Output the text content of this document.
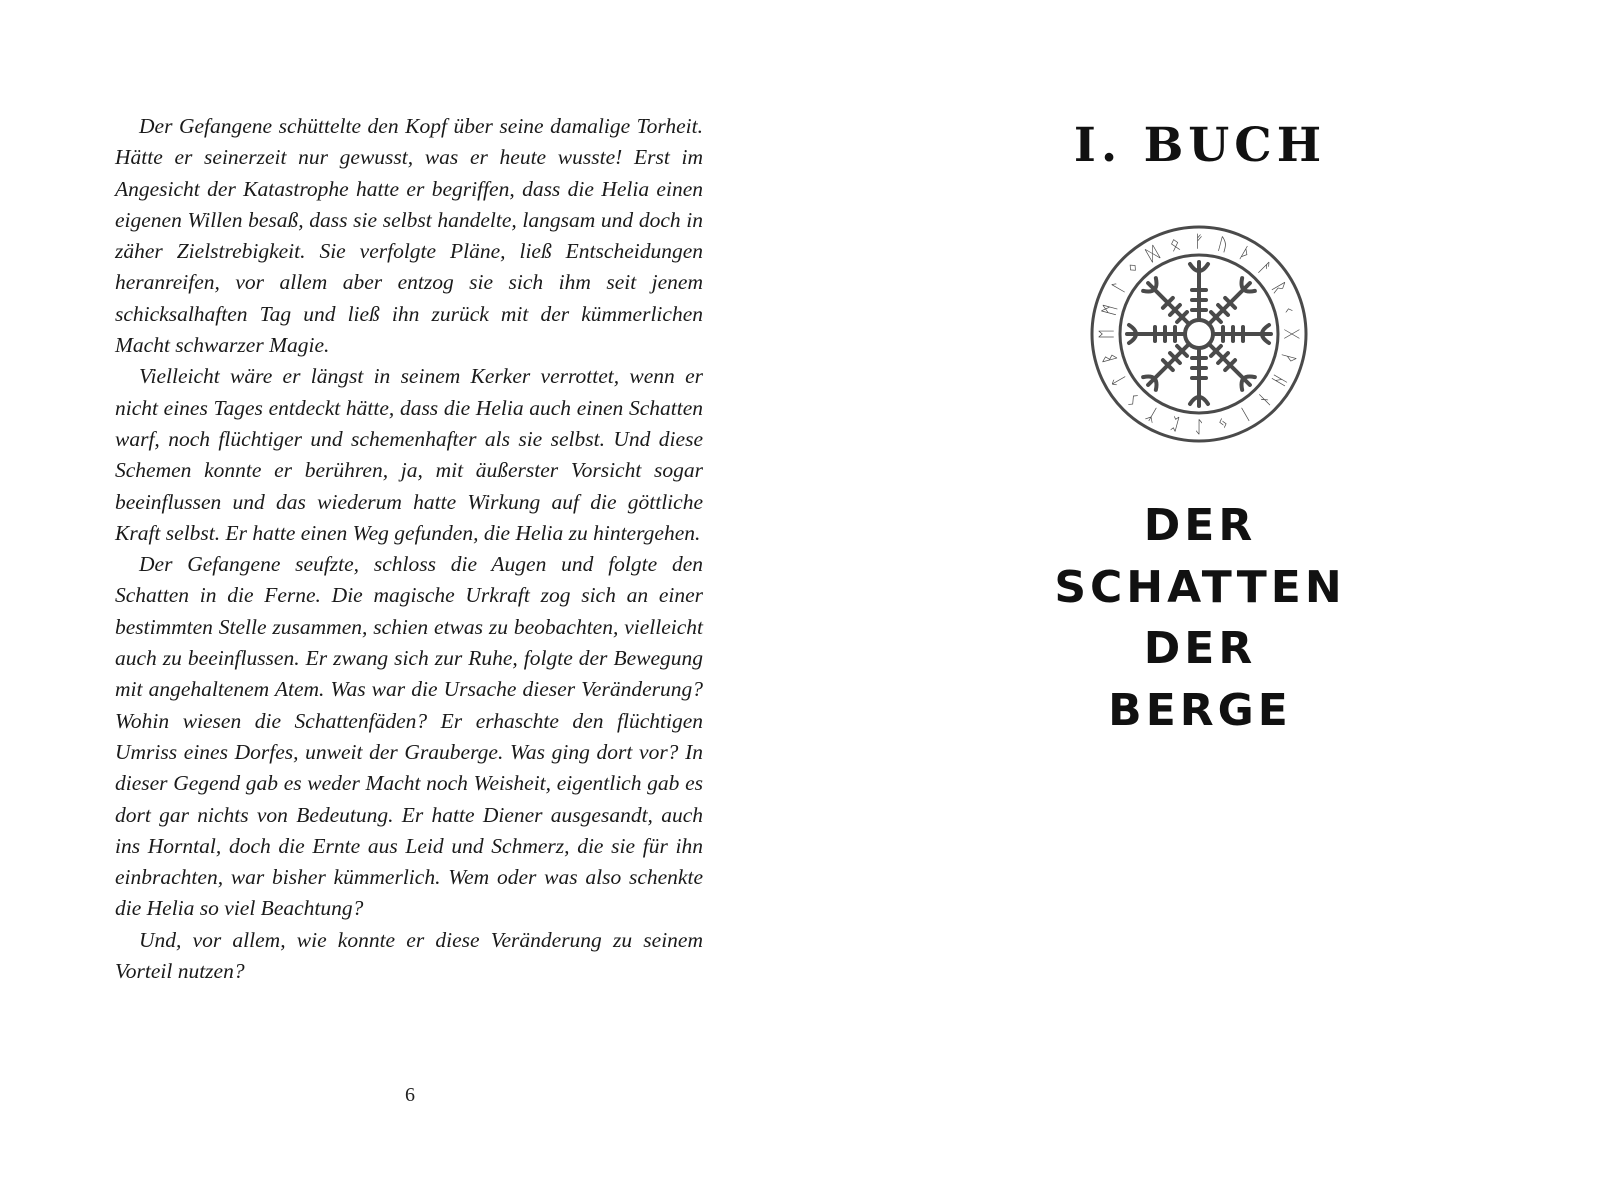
Der Gefangene schüttelte den Kopf über seine damalige Torheit. Hätte er seinerzeit nur gewusst, was er heute wusste! Erst im Angesicht der Katastrophe hatte er begriffen, dass die Helia einen eigenen Willen besaß, dass sie selbst handelte, langsam und doch in zäher Zielstrebigkeit. Sie verfolgte Pläne, ließ Entscheidungen heranreifen, vor allem aber entzog sie sich ihm seit jenem schicksalhaften Tag und ließ ihn zurück mit der kümmerlichen Macht schwarzer Magie.

Vielleicht wäre er längst in seinem Kerker verrottet, wenn er nicht eines Tages entdeckt hätte, dass die Helia auch einen Schatten warf, noch flüchtiger und schemenhafter als sie selbst. Und diese Schemen konnte er berühren, ja, mit äußerster Vorsicht sogar beeinflussen und das wiederum hatte Wirkung auf die göttliche Kraft selbst. Er hatte einen Weg gefunden, die Helia zu hintergehen.

Der Gefangene seufzte, schloss die Augen und folgte den Schatten in die Ferne. Die magische Urkraft zog sich an einer bestimmten Stelle zusammen, schien etwas zu beobachten, vielleicht auch zu beeinflussen. Er zwang sich zur Ruhe, folgte der Bewegung mit angehaltenem Atem. Was war die Ursache dieser Veränderung? Wohin wiesen die Schattenfäden? Er erhaschte den flüchtigen Umriss eines Dorfes, unweit der Grauberge. Was ging dort vor? In dieser Gegend gab es weder Macht noch Weisheit, eigentlich gab es dort gar nichts von Bedeutung. Er hatte Diener ausgesandt, auch ins Horntal, doch die Ernte aus Leid und Schmerz, die sie für ihn einbrachten, war bisher kümmerlich. Wem oder was also schenkte die Helia so viel Beachtung?

Und, vor allem, wie konnte er diese Veränderung zu seinem Vorteil nutzen?

6
I. BUCH
ᚠ ᚢ ᚦ
ᚨ
ᚱ
ᚲ
ᚷ
ᚹ
ᚺ
ᚾ
ᛁ
ᛃ
ᛇ
ᛈ
ᛉ
ᛊ
ᛏ
ᛒ
ᛖ
ᛗ
ᛚ
ᛜ
ᛞ ᛟ
DER
SCHATTEN
DER
BERGE
